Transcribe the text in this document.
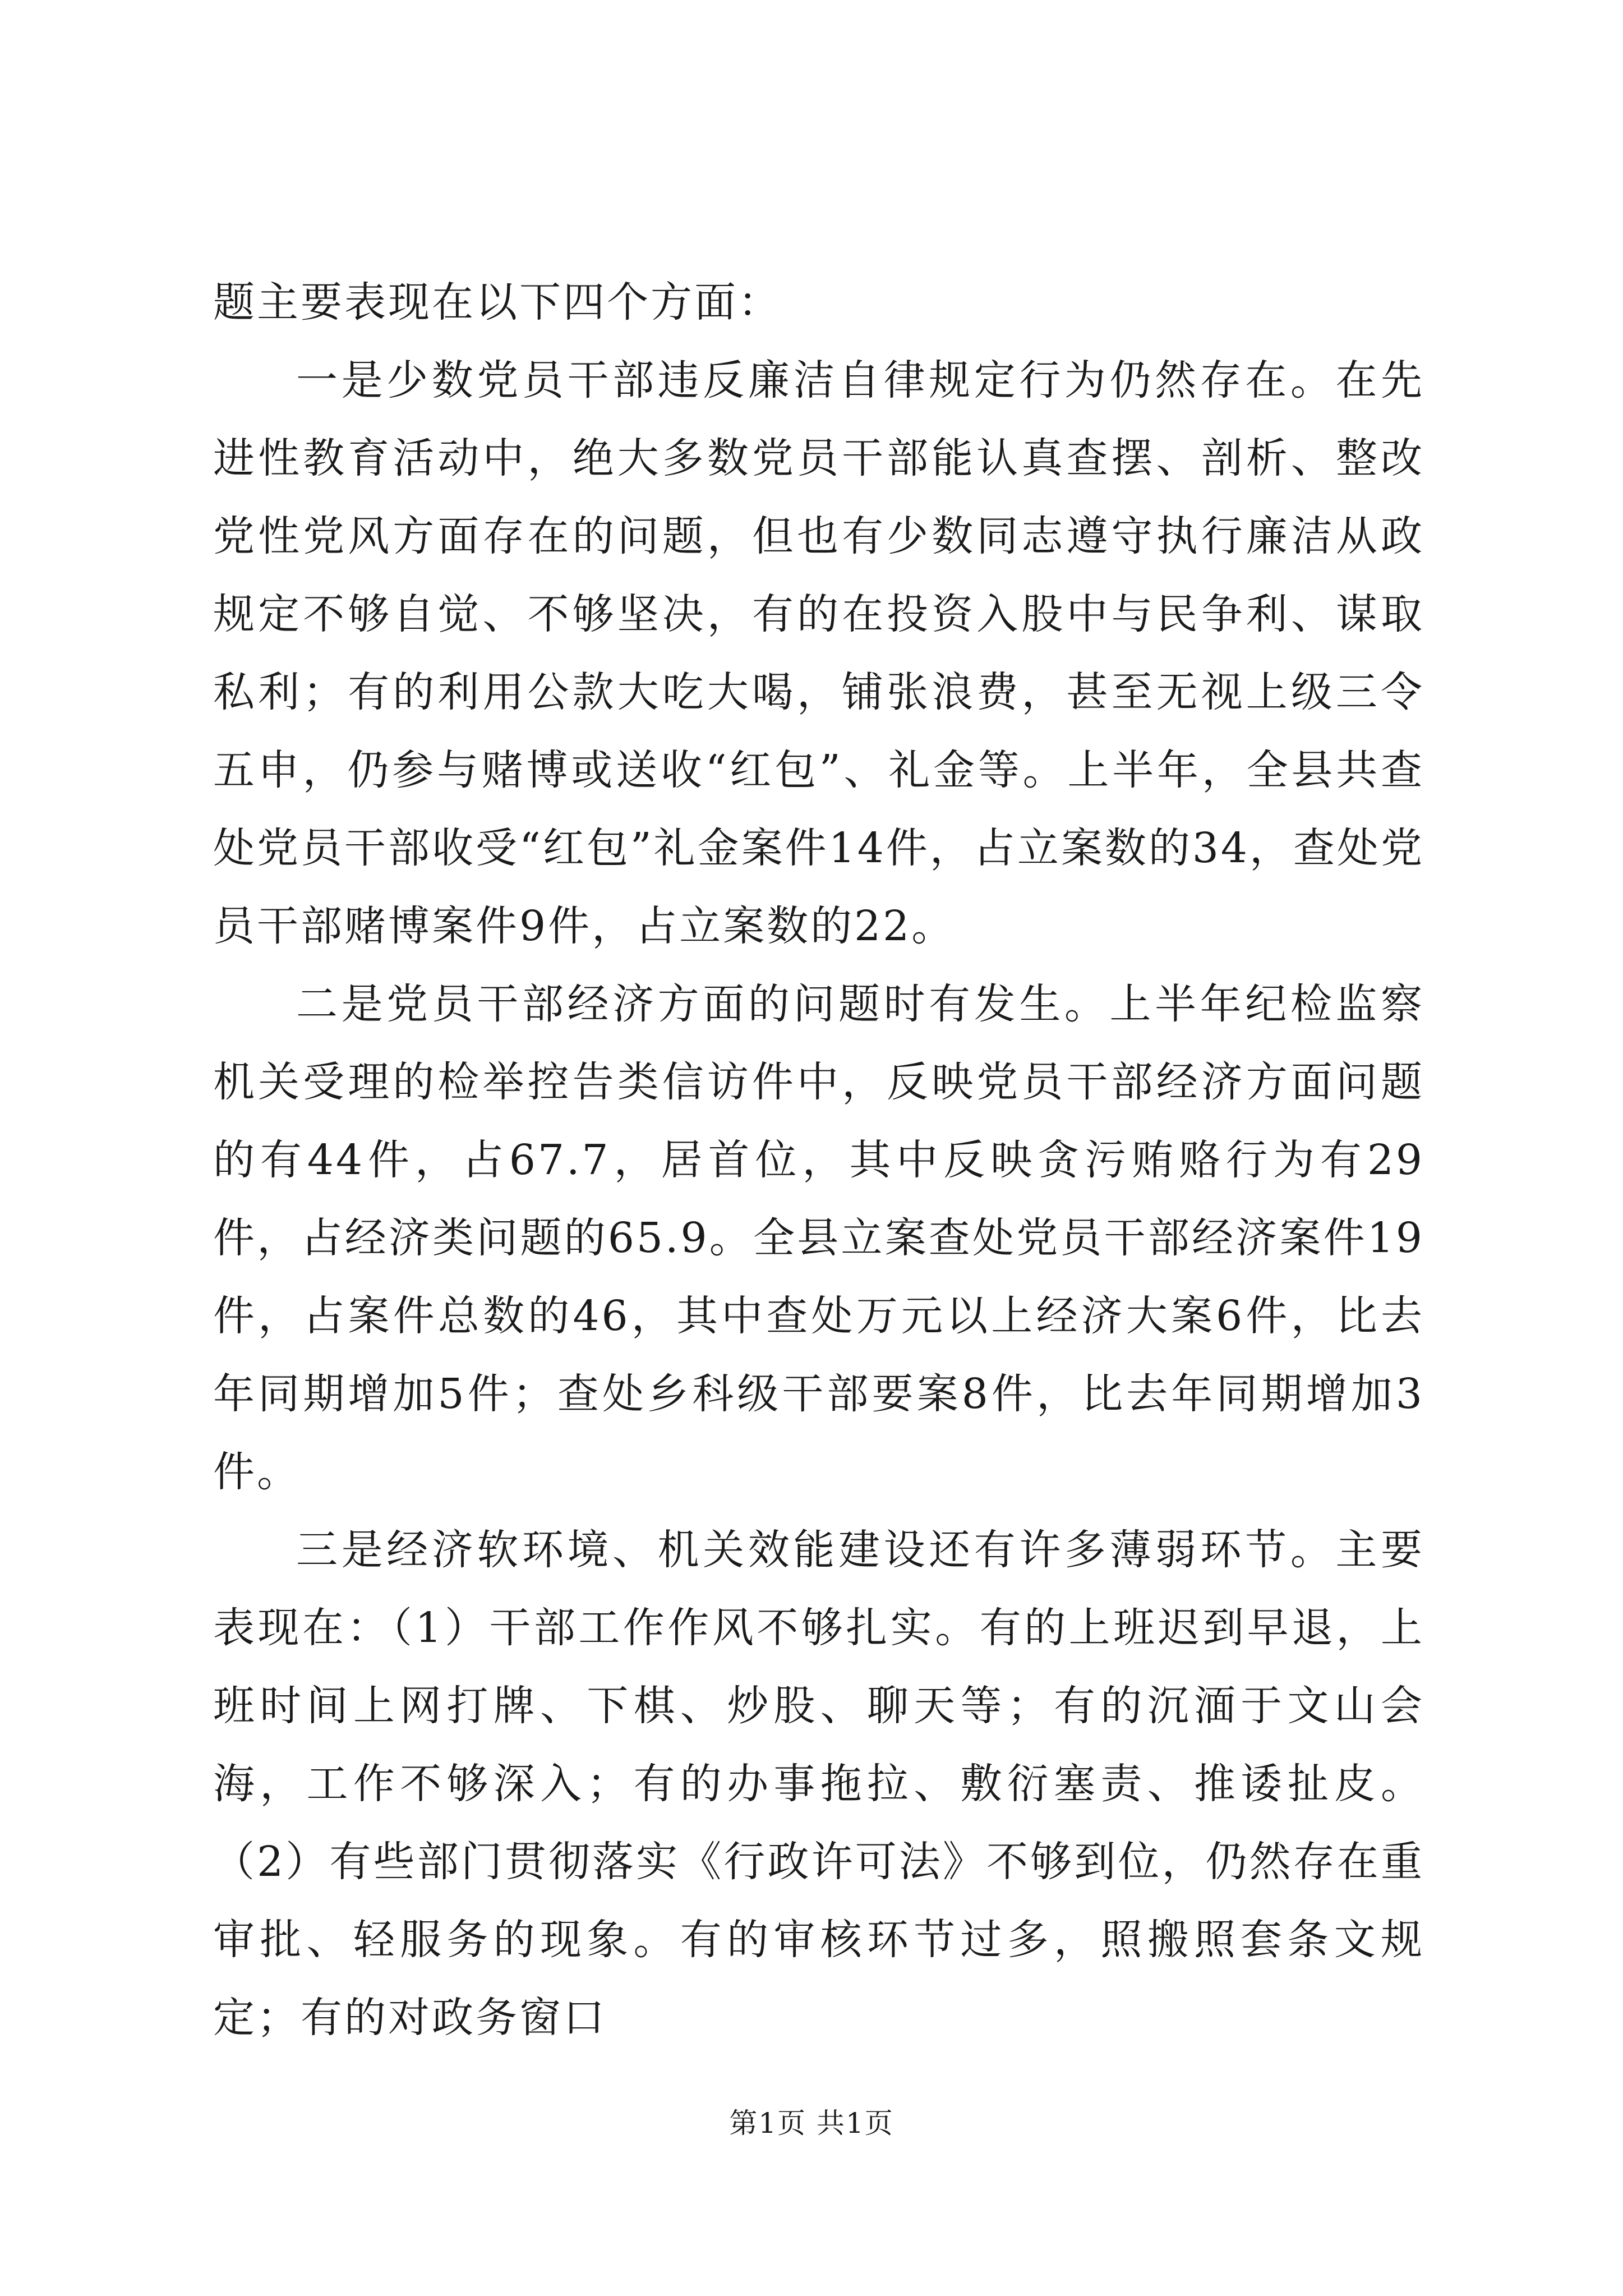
题主要表现在以下四个方面：

一是少数党员干部违反廉洁自律规定行为仍然存在。在先进性教育活动中，绝大多数党员干部能认真查摆、剖析、整改党性党风方面存在的问题，但也有少数同志遵守执行廉洁从政规定不够自觉、不够坚决，有的在投资入股中与民争利、谋取私利；有的利用公款大吃大喝，铺张浪费，甚至无视上级三令五申，仍参与赌博或送收“红包”、礼金等。上半年，全县共查处党员干部收受“红包”礼金案件14件，占立案数的34，查处党员干部赌博案件9件，占立案数的22。

二是党员干部经济方面的问题时有发生。上半年纪检监察机关受理的检举控告类信访件中，反映党员干部经济方面问题的有44件，占67.7，居首位，其中反映贪污贿赂行为有29件，占经济类问题的65.9。全县立案查处党员干部经济案件19件，占案件总数的46，其中查处万元以上经济大案6件，比去年同期增加5件；查处乡科级干部要案8件，比去年同期增加3件。

三是经济软环境、机关效能建设还有许多薄弱环节。主要表现在：（1）干部工作作风不够扎实。有的上班迟到早退，上班时间上网打牌、下棋、炒股、聊天等；有的沉湎于文山会海，工作不够深入；有的办事拖拉、敷衍塞责、推诿扯皮。（2）有些部门贯彻落实《行政许可法》不够到位，仍然存在重审批、轻服务的现象。有的审核环节过多，照搬照套条文规定；有的对政务窗口

第1页 共1页
